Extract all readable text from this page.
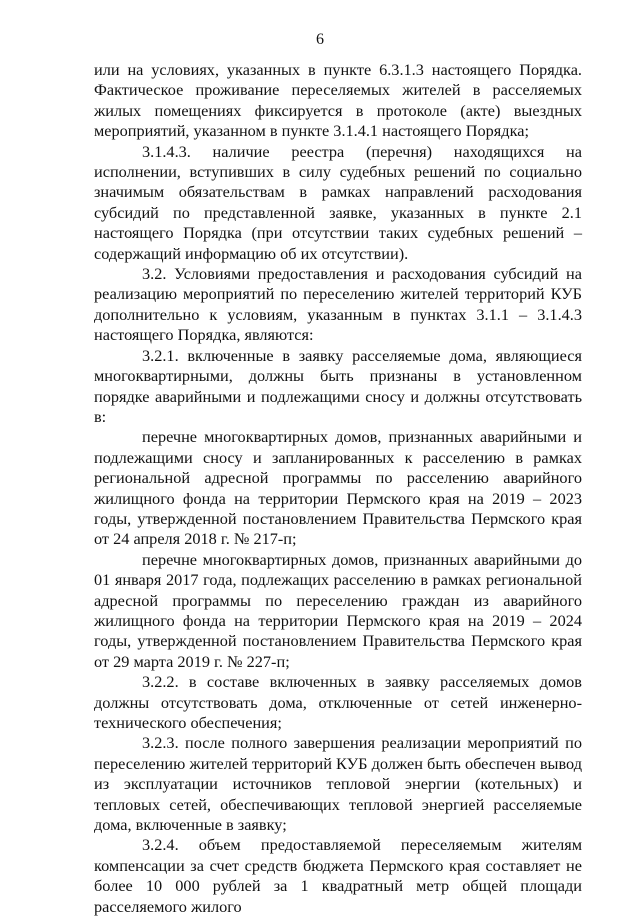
6

или на условиях, указанных в пункте 6.3.1.3 настоящего Порядка. Фактическое проживание переселяемых жителей в расселяемых жилых помещениях фиксируется в протоколе (акте) выездных мероприятий, указанном в пункте 3.1.4.1 настоящего Порядка;

3.1.4.3. наличие реестра (перечня) находящихся на исполнении, вступивших в силу судебных решений по социально значимым обязательствам в рамках направлений расходования субсидий по представленной заявке, указанных в пункте 2.1 настоящего Порядка (при отсутствии таких судебных решений – содержащий информацию об их отсутствии).

3.2. Условиями предоставления и расходования субсидий на реализацию мероприятий по переселению жителей территорий КУБ дополнительно к условиям, указанным в пунктах 3.1.1 – 3.1.4.3 настоящего Порядка, являются:

3.2.1. включенные в заявку расселяемые дома, являющиеся многоквартирными, должны быть признаны в установленном порядке аварийными и подлежащими сносу и должны отсутствовать в:

перечне многоквартирных домов, признанных аварийными и подлежащими сносу и запланированных к расселению в рамках региональной адресной программы по расселению аварийного жилищного фонда на территории Пермского края на 2019 – 2023 годы, утвержденной постановлением Правительства Пермского края от 24 апреля 2018 г. № 217-п;

перечне многоквартирных домов, признанных аварийными до 01 января 2017 года, подлежащих расселению в рамках региональной адресной программы по переселению граждан из аварийного жилищного фонда на территории Пермского края на 2019 – 2024 годы, утвержденной постановлением Правительства Пермского края от 29 марта 2019 г. № 227-п;

3.2.2. в составе включенных в заявку расселяемых домов должны отсутствовать дома, отключенные от сетей инженерно-технического обеспечения;

3.2.3. после полного завершения реализации мероприятий по переселению жителей территорий КУБ должен быть обеспечен вывод из эксплуатации источников тепловой энергии (котельных) и тепловых сетей, обеспечивающих тепловой энергией расселяемые дома, включенные в заявку;

3.2.4. объем предоставляемой переселяемым жителям компенсации за счет средств бюджета Пермского края составляет не более 10 000 рублей за 1 квадратный метр общей площади расселяемого жилого
